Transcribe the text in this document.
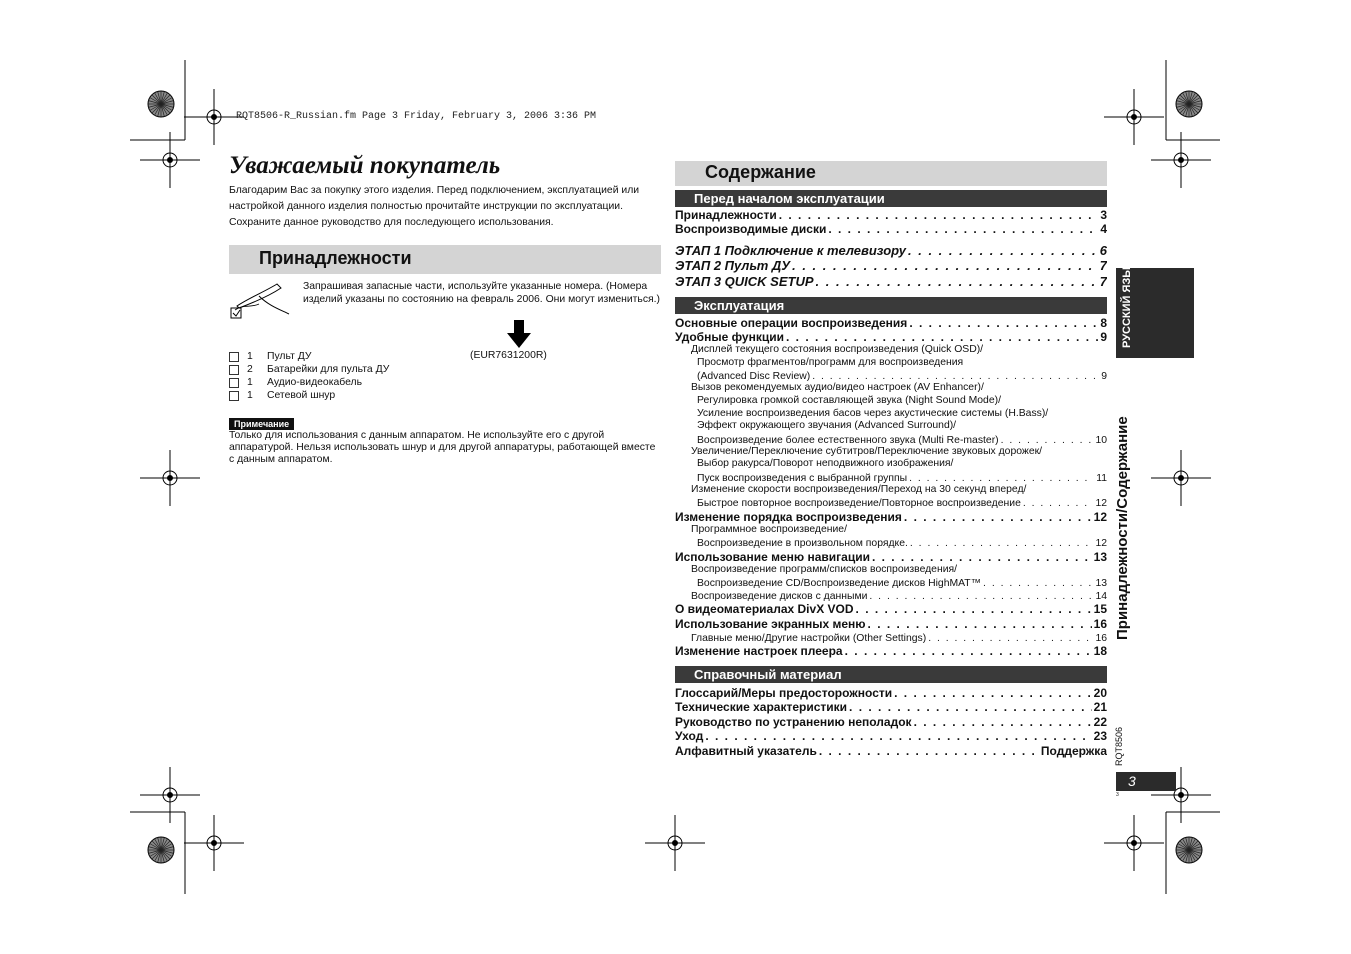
RQT8506-R_Russian.fm Page 3 Friday, February 3, 2006 3:36 PM
Уважаемый покупатель
Благодарим Вас за покупку этого изделия. Перед подключением, эксплуатацией или настройкой данного изделия полностью прочитайте инструкции по эксплуатации. Сохраните данное руководство для последующего использования.
Принадлежности
Запрашивая запасные части, используйте указанные номера. (Номера изделий указаны по состоянию на февраль 2006. Они могут измениться.)
(EUR7631200R)
1	Пульт ДУ
2	Батарейки для пульта ДУ
1	Аудио-видеокабель
1	Сетевой шнур
Примечание
Только для использования с данным аппаратом. Не используйте его с другой аппаратурой. Нельзя использовать шнур и для другой аппаратуры, работающей вместе с данным аппаратом.
Содержание
Перед началом эксплуатации
Принадлежности . . .	3
Воспроизводимые диски . . .	4
ЭТАП 1 Подключение к телевизору . . .	6
ЭТАП 2 Пульт ДУ . . .	7
ЭТАП 3 QUICK SETUP . . .	7
Эксплуатация
Основные операции воспроизведения . . .	8
Удобные функции . . .	9
Дисплей текущего состояния воспроизведения (Quick OSD)/
Просмотр фрагментов/программ для воспроизведения
(Advanced Disc Review) . . .	9
Вызов рекомендуемых аудио/видео настроек (AV Enhancer)/
Регулировка громкой составляющей звука (Night Sound Mode)/
Усиление воспроизведения басов через акустические системы (H.Bass)/
Эффект окружающего звучания (Advanced Surround)/
Воспроизведение более естественного звука (Multi Re-master) . . .	10
Увеличение/Переключение субтитров/Переключение звуковых дорожек/
Выбор ракурса/Поворот неподвижного изображения/
Пуск воспроизведения с выбранной группы . . .	11
Изменение скорости воспроизведения/Переход на 30 секунд вперед/
Быстрое повторное воспроизведение/Повторное воспроизведение . . .	12
Изменение порядка воспроизведения . . .	12
Программное воспроизведение/
Воспроизведение в произвольном порядке. . . .	12
Использование меню навигации . . .	13
Воспроизведение программ/списков воспроизведения/
Воспроизведение CD/Воспроизведение дисков HighMAT™ . . .	13
Воспроизведение дисков с данными . . .	14
О видеоматериалах DivX VOD . . .	15
Использование экранных меню . . .	16
Главные меню/Другие настройки (Other Settings) . . .	16
Изменение настроек плеера . . .	18
Справочный материал
Глоссарий/Меры предосторожности . . .	20
Технические характеристики . . .	21
Руководство по устранению неполадок . . .	22
Уход . . .	23
Алфавитный указатель . . .	Поддержка
РУССКИЙ ЯЗЫК
Принадлежности/Содержание
RQT8506
3
3
